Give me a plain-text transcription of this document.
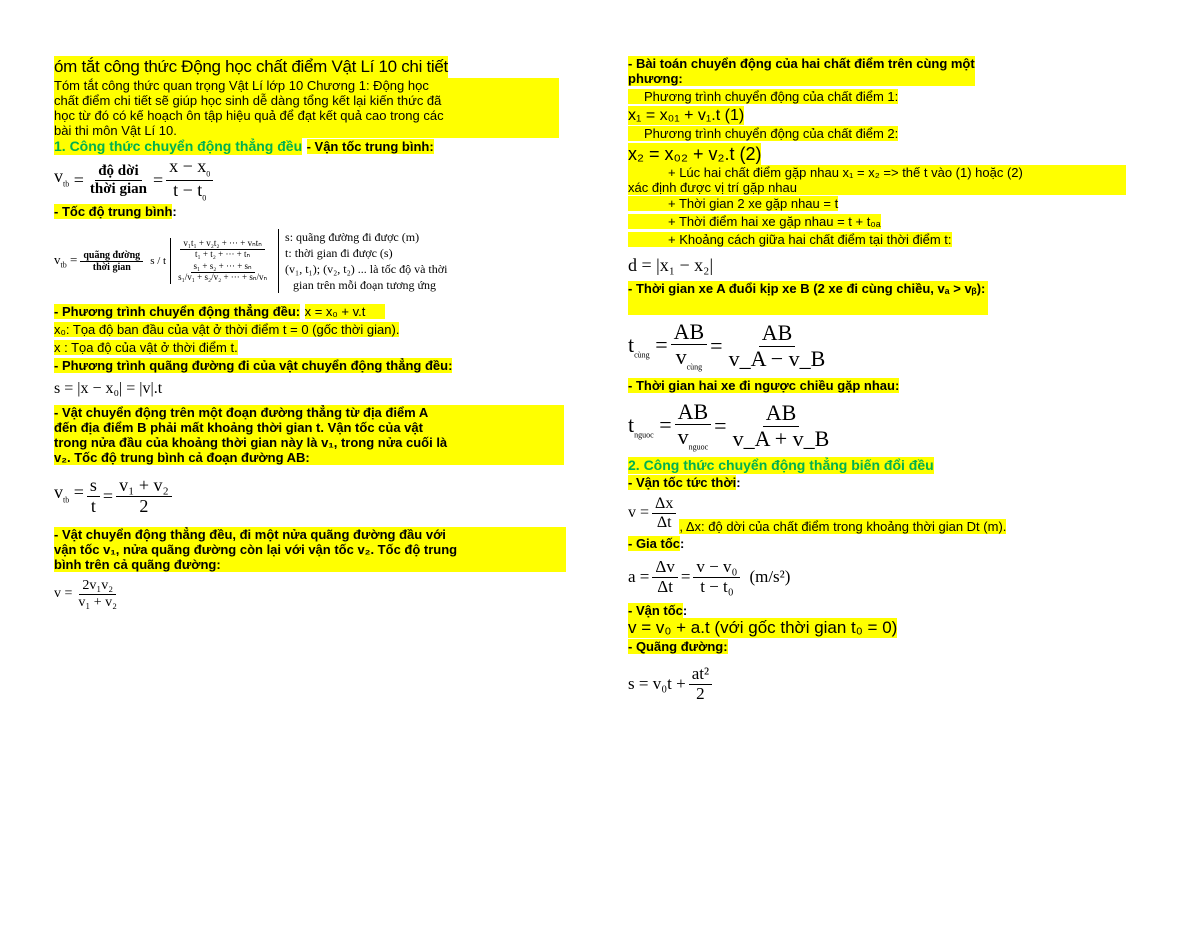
óm tắt công thức Động học chất điểm Vật Lí 10 chi tiết

Tóm tắt công thức quan trọng Vật Lí lớp 10 Chương 1: Động học

chất điểm chi tiết sẽ giúp học sinh dễ dàng tổng kết lại kiến thức đã

học từ đó có kế hoạch ôn tập hiệu quả để đạt kết quả cao trong các

bài thi môn Vật Lí 10.

1. Công thức chuyển động thẳng đều - Vận tốc trung bình:
$v_{tb} = \frac{\text{độ dời}}{\text{thời gian}} = \frac{x - x_0}{t - t_0}$
- Tốc độ trung bình:
$v_{tb} = \frac{\text{quãng đường}}{\text{thời gian}}$ s / t
$\frac{\text{v₁t₁ + v₂t₂ + ··· + vₙtₙ}}{\text{t₁ + t₂ + ··· + tₙ}}$
$\frac{\text{s₁ + s₂ + ··· + sₙ}}{\text{s₁/v₁ + s₂/v₂ + ··· + sₙ/vₙ}}$
s: quãng đường đi được (m)
t: thời gian đi được (s)
(v₁, t₁); (v₂, t₂) ... là tốc độ và thời
gian trên mỗi đoạn tương ứng
- Phương trình chuyển động thẳng đều: x = x₀ + v.t
x₀: Tọa độ ban đầu của vật ở thời điểm t = 0 (gốc thời gian).
x : Tọa độ của vật ở thời điểm t.
- Phương trình quãng đường đi của vật chuyển động thẳng đều:
s = |x − x₀| = |v|.t

- Vật chuyển động trên một đoạn đường thẳng từ địa điểm A

đến địa điểm B phải mất khoảng thời gian t. Vận tốc của vật

trong nửa đầu của khoảng thời gian này là v₁, trong nửa cuối là

v₂. Tốc độ trung bình cả đoạn đường AB:

$v_{tb} = \frac{s}{t} = \frac{\text{v₁ + v₂}}{2}$

- Vật chuyển động thẳng đều, đi một nửa quãng đường đầu với

vận tốc v₁, nửa quãng đường còn lại với vận tốc v₂. Tốc độ trung

bình trên cả quãng đường:

$v = \frac{\text{2v₁v₂}}{\text{v₁ + v₂}}$

- Bài toán chuyển động của hai chất điểm trên cùng một

phương:

Phương trình chuyển động của chất điểm 1:
x₁ = x₀₁ + v₁.t (1)
Phương trình chuyển động của chất điểm 2:
x₂ = x₀₂ + v₂.t (2)

+ Lúc hai chất điểm gặp nhau x₁ = x₂ => thế t vào (1) hoặc (2)

xác định được vị trí gặp nhau

+ Thời gian 2 xe gặp nhau = t
+ Thời điểm hai xe gặp nhau = t + t₀ₐ
+ Khoảng cách giữa hai chất điểm tại thời điểm t:
d = |x₁ − x₂|
- Thời gian xe A đuổi kịp xe B (2 xe đi cùng chiều, vₐ > vᵦ):
$t_{cùng} = \frac{AB}{v_{cùng}} = \frac{AB}{v\_A - v\_B}$
- Thời gian hai xe đi ngược chiều gặp nhau:
$t_{nguoc} = \frac{AB}{v_{nguoc}} = \frac{AB}{v\_A + v\_B}$
2. Công thức chuyển động thẳng biến đổi đều

- Vận tốc tức thời:
$v = \frac{\Delta x}{\Delta t}$ , Δx: độ dời của chất điểm trong khoảng thời gian Dt (m).
- Gia tốc:
$a = \frac{\Delta v}{\Delta t} = \frac{\text{v − v₀}}{\text{t − t₀}} (m/s^2)$
- Vận tốc:
v = v₀ + a.t (với gốc thời gian t₀ = 0)
- Quãng đường:
$s = v_0t + \frac{\text{at²}}{2}$
